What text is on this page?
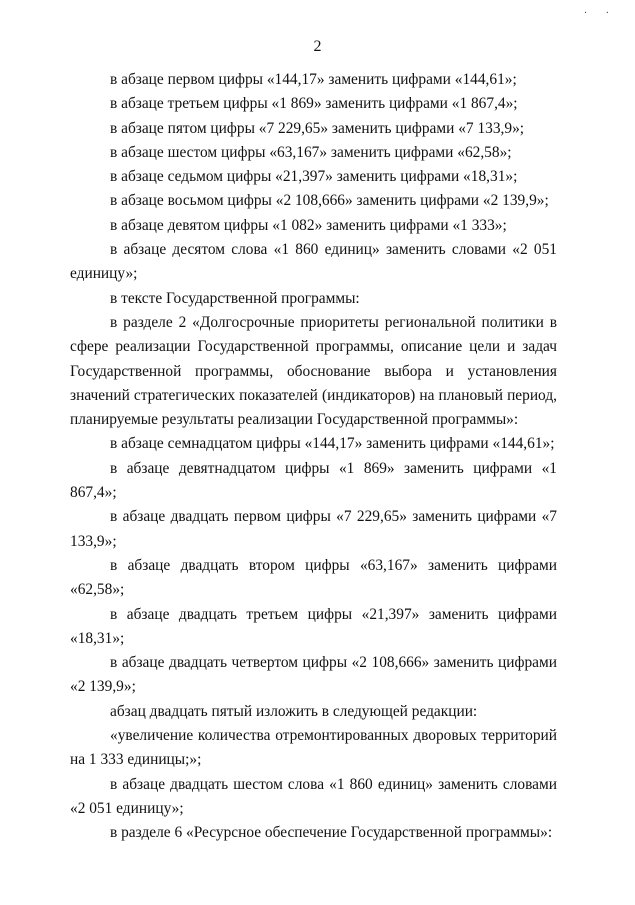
· ·
2

в абзаце первом цифры «144,17» заменить цифрами «144,61»;

в абзаце третьем цифры «1 869» заменить цифрами «1 867,4»;

в абзаце пятом цифры «7 229,65» заменить цифрами «7 133,9»;

в абзаце шестом цифры «63,167» заменить цифрами «62,58»;

в абзаце седьмом цифры «21,397» заменить цифрами «18,31»;

в абзаце восьмом цифры «2 108,666» заменить цифрами «2 139,9»;

в абзаце девятом цифры «1 082» заменить цифрами «1 333»;

в абзаце десятом слова «1 860 единиц» заменить словами «2 051 единицу»;

в тексте Государственной программы:

в разделе 2 «Долгосрочные приоритеты региональной политики в сфере реализации Государственной программы, описание цели и задач Государственной программы, обоснование выбора и установления значений стратегических показателей (индикаторов) на плановый период, планируемые результаты реализации Государственной программы»:

в абзаце семнадцатом цифры «144,17» заменить цифрами «144,61»;

в абзаце девятнадцатом цифры «1 869» заменить цифрами «1 867,4»;

в абзаце двадцать первом цифры «7 229,65» заменить цифрами «7 133,9»;

в абзаце двадцать втором цифры «63,167» заменить цифрами «62,58»;

в абзаце двадцать третьем цифры «21,397» заменить цифрами «18,31»;

в абзаце двадцать четвертом цифры «2 108,666» заменить цифрами «2 139,9»;

абзац двадцать пятый изложить в следующей редакции:

«увеличение количества отремонтированных дворовых территорий на 1 333 единицы;»;

в абзаце двадцать шестом слова «1 860 единиц» заменить словами «2 051 единицу»;

в разделе 6 «Ресурсное обеспечение Государственной программы»:
